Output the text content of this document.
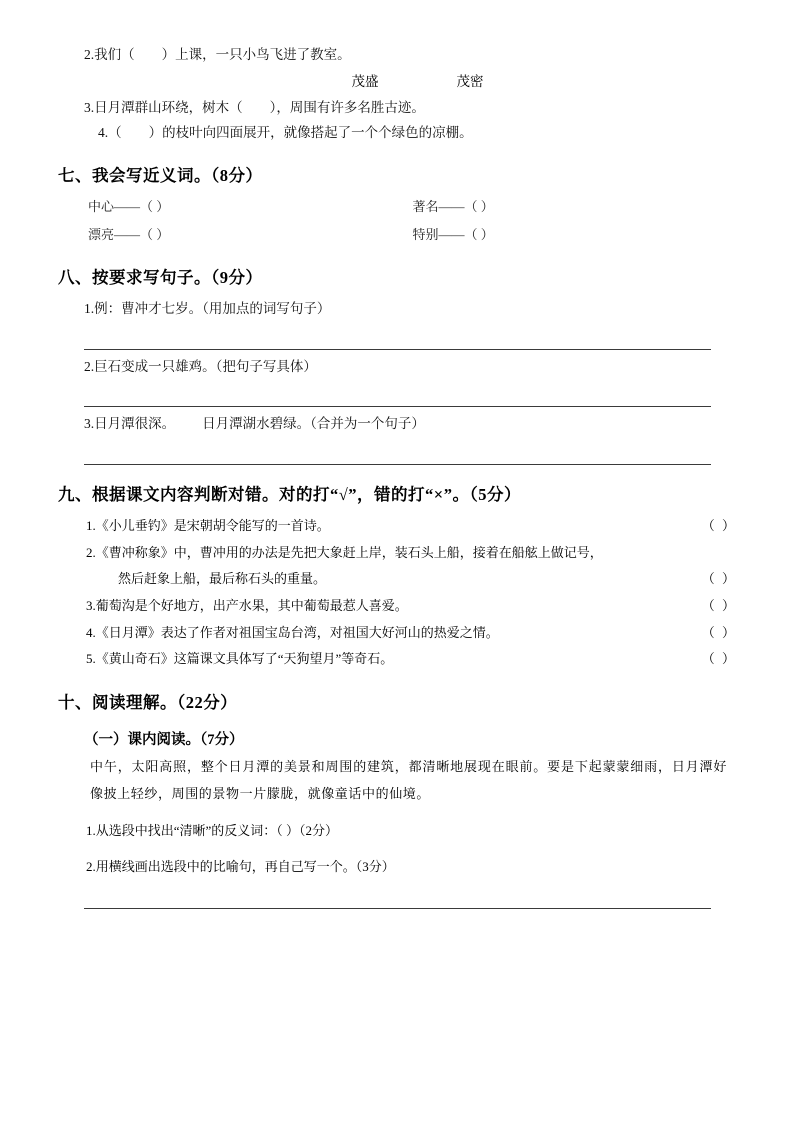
2.我们（        ）上课，一只小鸟飞进了教室。
茂盛	茂密
3.日月潭群山环绕，树木（        ），周围有许多名胜古迹。
4.（        ）的枝叶向四面展开，就像搭起了一个个绿色的凉棚。
七、我会写近义词。（8分）
中心——（ ）	著名——（ ）
漂亮——（ ）	特别——（ ）
八、按要求写句子。（9分）
1.例：曹冲才七岁。（用加点的词写句子）
2.巨石变成一只雄鸡。（把句子写具体）
3.日月潭很深。        日月潭湖水碧绿。（合并为一个句子）
九、根据课文内容判断对错。对的打“√”，错的打“×”。（5分）
1.《小儿垂钓》是宋朝胡令能写的一首诗。	（ ）
2.《曹冲称象》中，曹冲用的办法是先把大象赶上岸，装石头上船，接着在船舷上做记号，
然后赶象上船，最后称石头的重量。	（ ）
3.葡萄沟是个好地方，出产水果，其中葡萄最惹人喜爱。	（ ）
4.《日月潭》表达了作者对祖国宝岛台湾，对祖国大好河山的热爱之情。	（ ）
5.《黄山奇石》这篇课文具体写了“天狗望月”等奇石。	（ ）
十、阅读理解。（22分）
（一）课内阅读。（7分）
中午，太阳高照，整个日月潭的美景和周围的建筑，都清晰地展现在眼前。要是下起蒙蒙细雨，日月潭好像披上轻纱，周围的景物一片朦胧，就像童话中的仙境。
1.从选段中找出“清晰”的反义词：（ ）（2分）
2.用横线画出选段中的比喻句，再自己写一个。（3分）
